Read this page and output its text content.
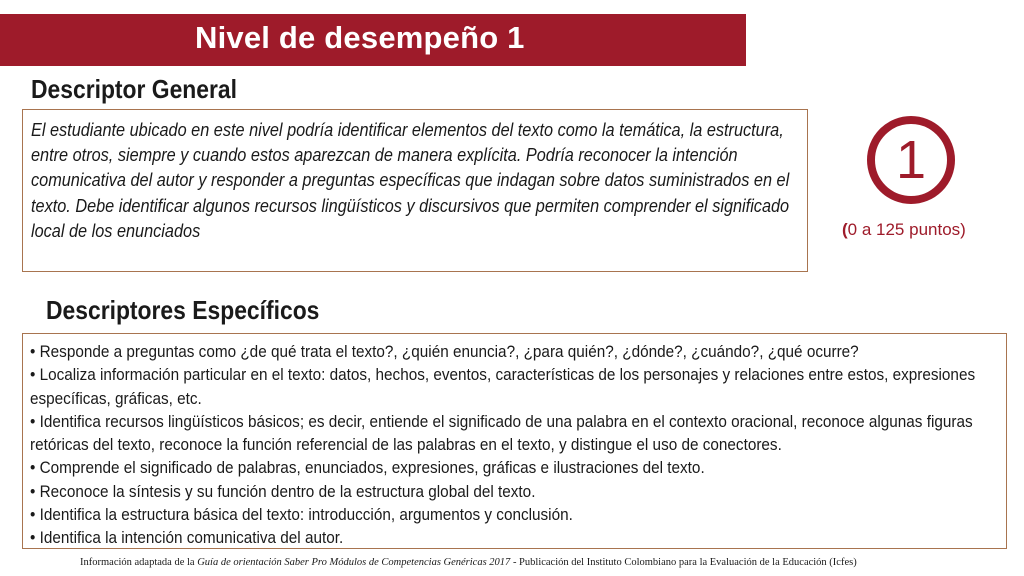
Nivel de desempeño 1
Descriptor General

El estudiante ubicado en este nivel podría identificar elementos del texto como la temática, la estructura, entre otros, siempre y cuando estos aparezcan de manera explícita. Podría reconocer la intención comunicativa del autor y responder a preguntas específicas que indagan sobre datos suministrados en el texto. Debe identificar algunos recursos lingüísticos y discursivos que permiten comprender el significado local de los enunciados

1
(0 a 125 puntos)
Descriptores Específicos
• Responde a preguntas como ¿de qué trata el texto?, ¿quién enuncia?, ¿para quién?, ¿dónde?, ¿cuándo?, ¿qué ocurre?
• Localiza información particular en el texto: datos, hechos, eventos, características de los personajes y relaciones entre estos, expresiones específicas, gráficas, etc.
• Identifica recursos lingüísticos básicos; es decir, entiende el significado de una palabra en el contexto oracional, reconoce algunas figuras retóricas del texto, reconoce la función referencial de las palabras en el texto, y distingue el uso de conectores.
• Comprende el significado de palabras, enunciados, expresiones, gráficas e ilustraciones del texto.
• Reconoce la síntesis y su función dentro de la estructura global del texto.
• Identifica la estructura básica del texto: introducción, argumentos y conclusión.
• Identifica la intención comunicativa del autor.
Información adaptada de la Guía de orientación Saber Pro Módulos de Competencias Genéricas 2017 - Publicación del Instituto Colombiano para la Evaluación de la Educación (Icfes)
